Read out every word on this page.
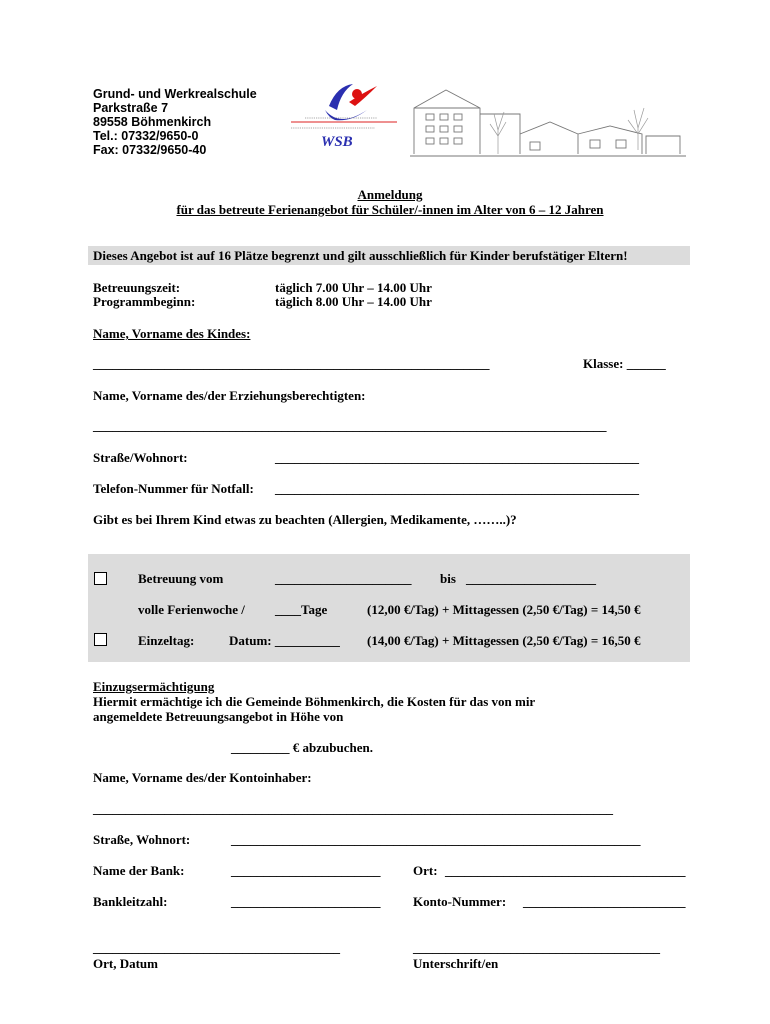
Grund- und Werkrealschule
Parkstraße 7
89558 Böhmenkirch
Tel.: 07332/9650-0
Fax: 07332/9650-40	WSB
Anmeldung
für das betreute Ferienangebot für Schüler/-innen im Alter von 6 – 12 Jahren
Dieses Angebot ist auf 16 Plätze begrenzt und gilt ausschließlich für Kinder berufstätiger Eltern!
Betreuungszeit:	täglich 7.00 Uhr – 14.00 Uhr
Programmbeginn:	täglich 8.00 Uhr – 14.00 Uhr
Name, Vorname des Kindes:
_____________________________________________________________	Klasse: ______
Name, Vorname des/der Erziehungsberechtigten:
_______________________________________________________________________________
Straße/Wohnort:	________________________________________________________
Telefon-Nummer für Notfall: ________________________________________________________
Gibt es bei Ihrem Kind etwas zu beachten (Allergien, Medikamente, ……..)?
Betreuung vom	_____________________ bis ____________________
volle Ferienwoche / ____Tage	(12,00 €/Tag) + Mittagessen (2,50 €/Tag) = 14,50 €
Einzeltag:	Datum: __________ (14,00 €/Tag) + Mittagessen (2,50 €/Tag) = 16,50 €
Einzugsermächtigung
Hiermit ermächtige ich die Gemeinde Böhmenkirch, die Kosten für das von mir
angemeldete Betreuungsangebot in Höhe von
_________ € abzubuchen.
Name, Vorname des/der Kontoinhaber:
________________________________________________________________________________
Straße, Wohnort:	_______________________________________________________________
Name der Bank:	_______________________	Ort: _____________________________________
Bankleitzahl:	_______________________	Konto-Nummer: _________________________
______________________________________
Ort, Datum
______________________________________
Unterschrift/en
